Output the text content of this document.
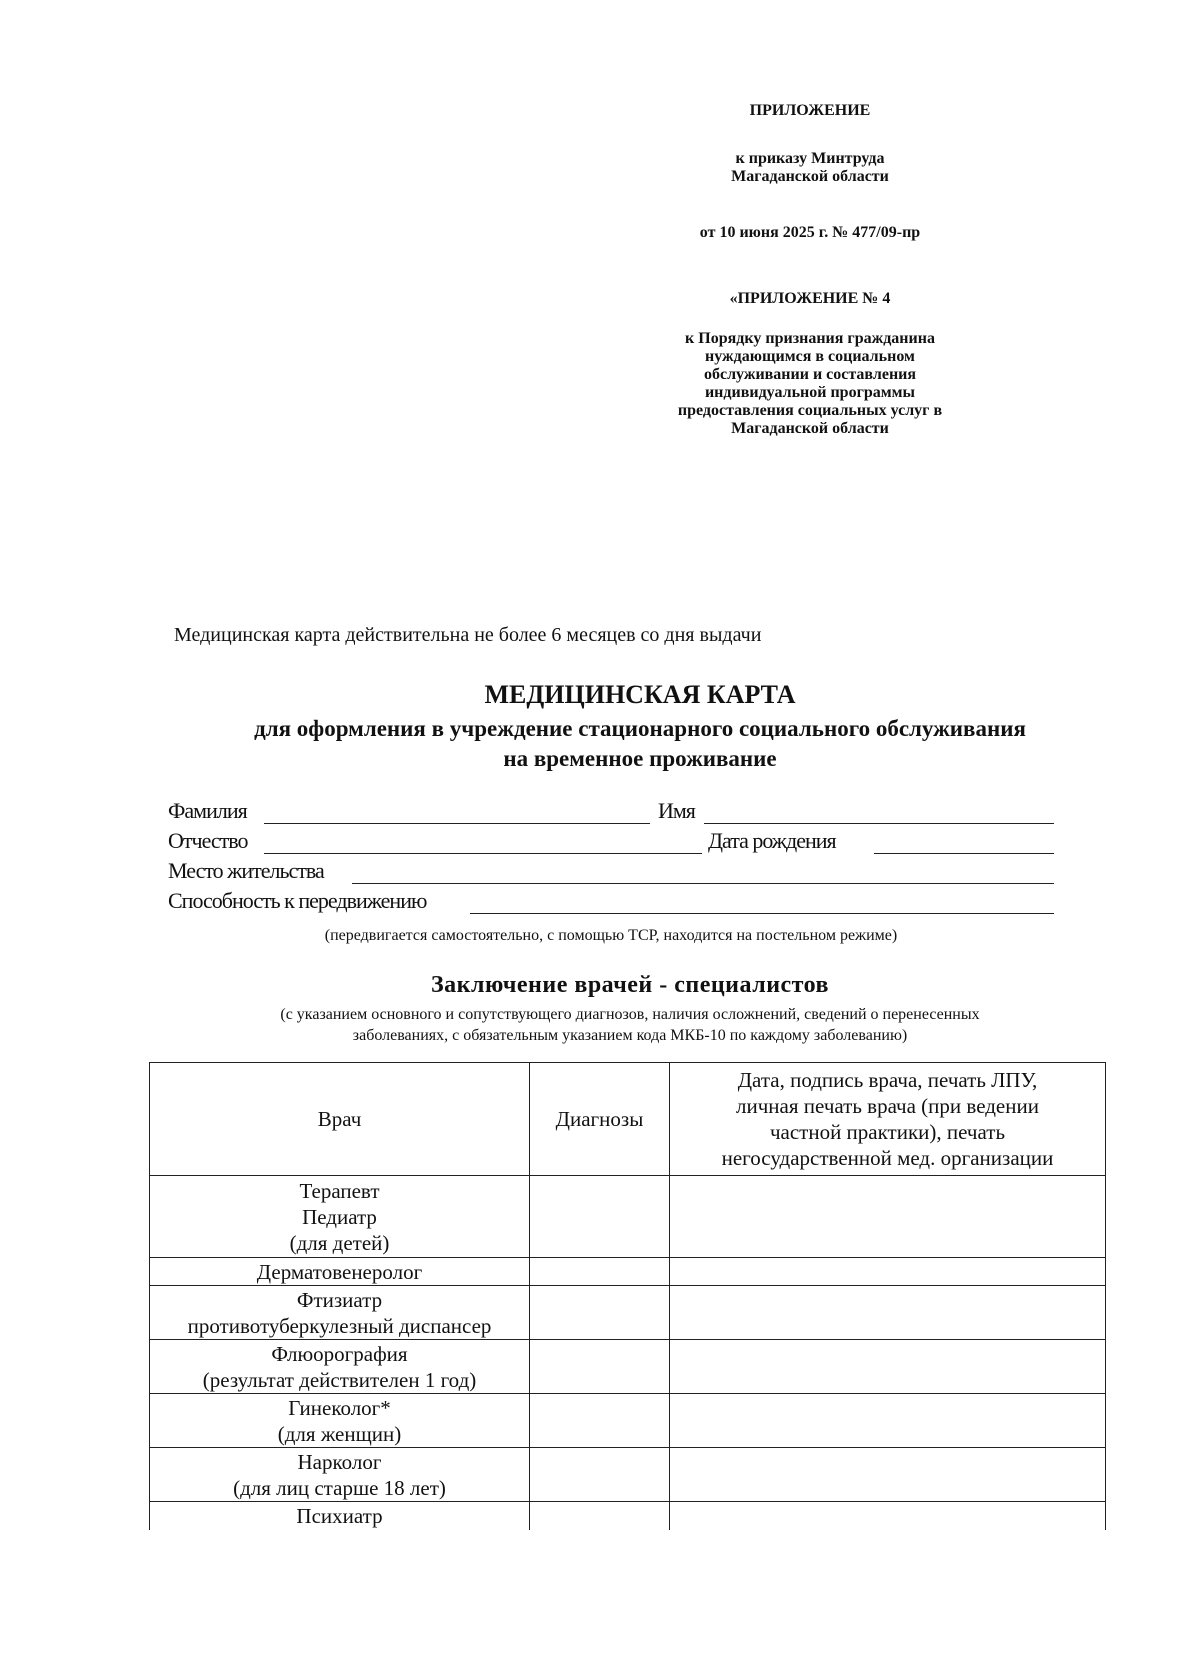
ПРИЛОЖЕНИЕ
к приказу Минтруда
Магаданской области
от 10 июня 2025 г. № 477/09-пр
«ПРИЛОЖЕНИЕ № 4
к Порядку признания гражданина
нуждающимся в социальном
обслуживании и составления
индивидуальной программы
предоставления социальных услуг в
Магаданской области
Медицинская карта действительна не более 6 месяцев со дня выдачи
МЕДИЦИНСКАЯ КАРТА
для оформления в учреждение стационарного социального обслуживания
на временное проживание
Фамилия	Имя
Отчество	Дата рождения
Место жительства
Способность к передвижению
(передвигается самостоятельно, с помощью ТСР, находится на постельном режиме)
Заключение врачей - специалистов
(с указанием основного и сопутствующего диагнозов, наличия осложнений, сведений о перенесенных
заболеваниях, с обязательным указанием кода МКБ-10 по каждому заболеванию)
Врач	Диагнозы	Дата, подпись врача, печать ЛПУ,
личная печать врача (при ведении
частной практики), печать
негосударственной мед. организации

Терапевт
Педиатр
(для детей)		

Дерматовенеролог		

Фтизиатр
противотуберкулезный диспансер		

Флюорография
(результат действителен 1 год)		

Гинеколог*
(для женщин)		

Нарколог
(для лиц старше 18 лет)		

Психиатр		
